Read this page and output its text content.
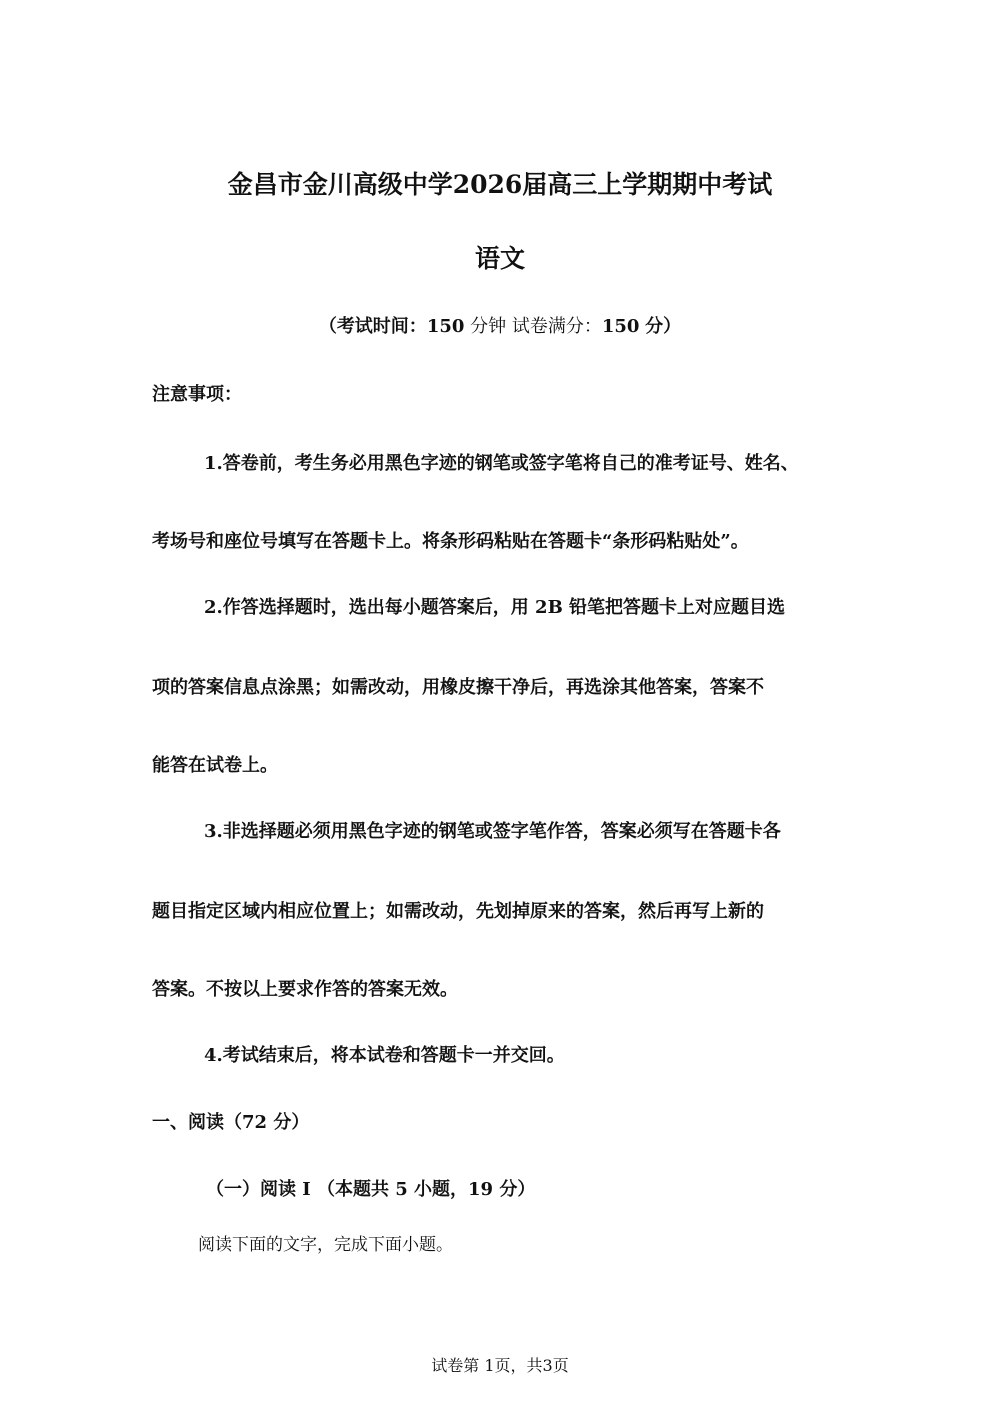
金昌市金川高级中学2026届高三上学期期中考试
语文
（考试时间：150 分钟 试卷满分：150 分）
注意事项：
1.答卷前，考生务必用黑色字迹的钢笔或签字笔将自己的准考证号、姓名、
考场号和座位号填写在答题卡上。将条形码粘贴在答题卡“条形码粘贴处”。
2.作答选择题时，选出每小题答案后，用 2B 铅笔把答题卡上对应题目选
项的答案信息点涂黑；如需改动，用橡皮擦干净后，再选涂其他答案，答案不
能答在试卷上。
3.非选择题必须用黑色字迹的钢笔或签字笔作答，答案必须写在答题卡各
题目指定区域内相应位置上；如需改动，先划掉原来的答案，然后再写上新的
答案。不按以上要求作答的答案无效。
4.考试结束后，将本试卷和答题卡一并交回。
一、阅读（72 分）
（一）阅读 I （本题共 5 小题，19 分）
阅读下面的文字，完成下面小题。
试卷第 1页，共3页
